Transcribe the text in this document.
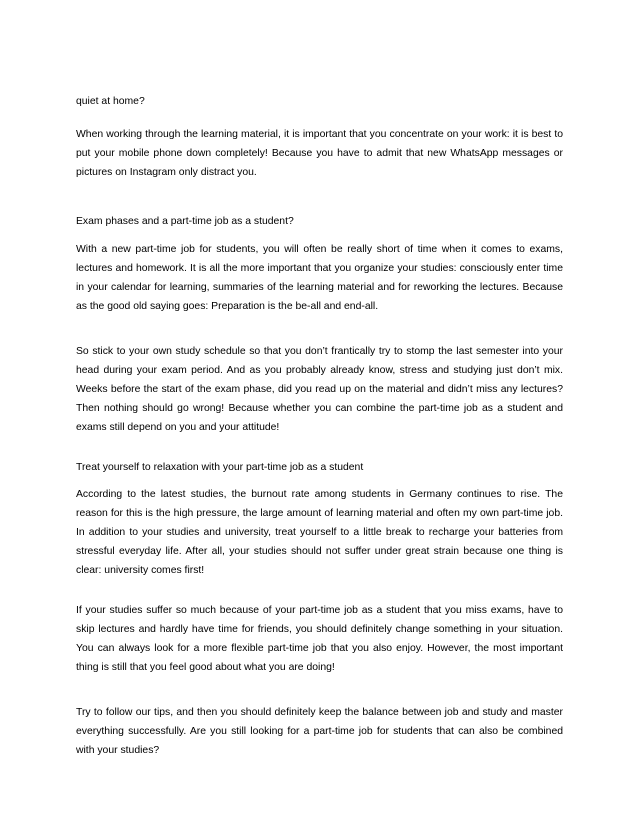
quiet at home?

When working through the learning material, it is important that you concentrate on your work: it is best to put your mobile phone down completely! Because you have to admit that new WhatsApp messages or pictures on Instagram only distract you.

Exam phases and a part-time job as a student?

With a new part-time job for students, you will often be really short of time when it comes to exams, lectures and homework. It is all the more important that you organize your studies: consciously enter time in your calendar for learning, summaries of the learning material and for reworking the lectures. Because as the good old saying goes: Preparation is the be-all and end-all.

So stick to your own study schedule so that you don’t frantically try to stomp the last semester into your head during your exam period. And as you probably already know, stress and studying just don’t mix. Weeks before the start of the exam phase, did you read up on the material and didn’t miss any lectures? Then nothing should go wrong! Because whether you can combine the part-time job as a student and exams still depend on you and your attitude!

Treat yourself to relaxation with your part-time job as a student

According to the latest studies, the burnout rate among students in Germany continues to rise. The reason for this is the high pressure, the large amount of learning material and often my own part-time job. In addition to your studies and university, treat yourself to a little break to recharge your batteries from stressful everyday life. After all, your studies should not suffer under great strain because one thing is clear: university comes first!

If your studies suffer so much because of your part-time job as a student that you miss exams, have to skip lectures and hardly have time for friends, you should definitely change something in your situation. You can always look for a more flexible part-time job that you also enjoy. However, the most important thing is still that you feel good about what you are doing!

Try to follow our tips, and then you should definitely keep the balance between job and study and master everything successfully. Are you still looking for a part-time job for students that can also be combined with your studies?
